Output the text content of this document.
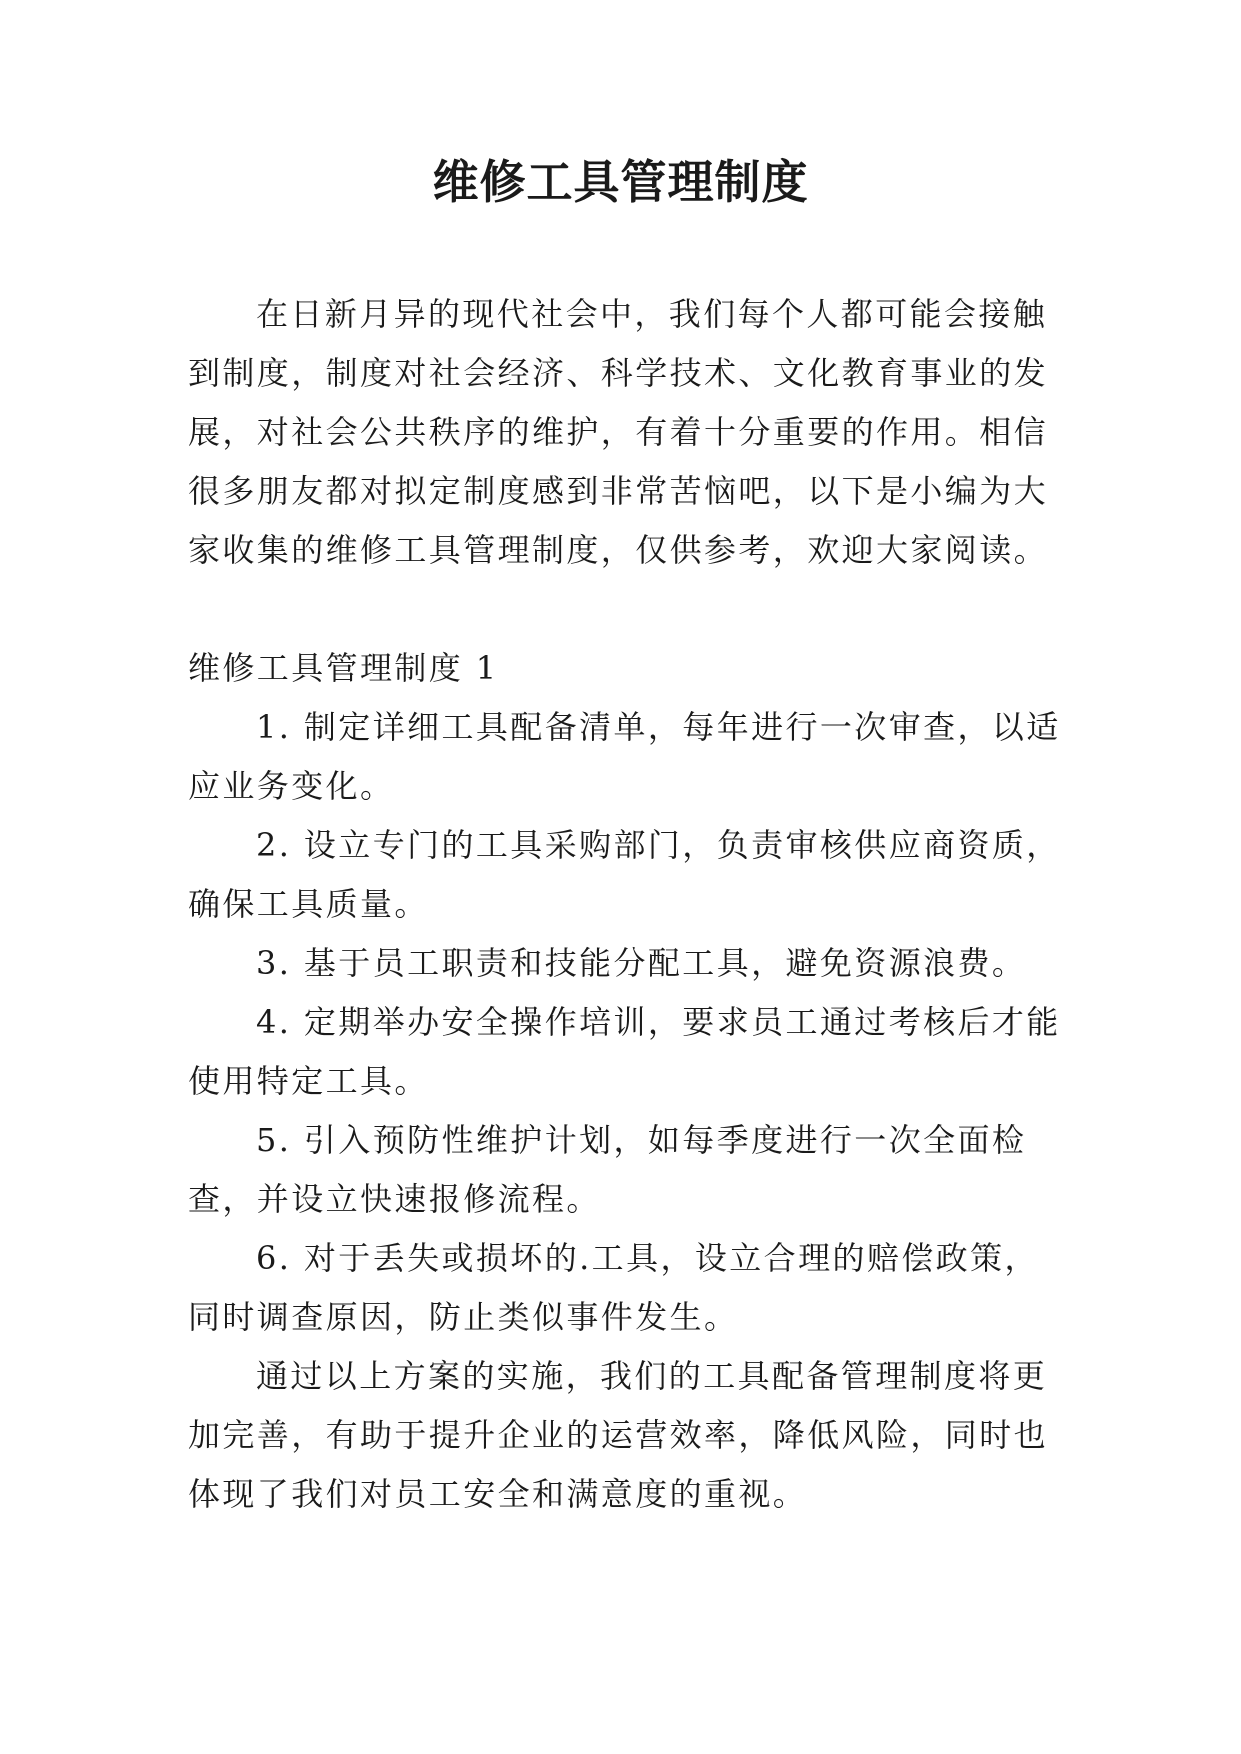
维修工具管理制度

在日新月异的现代社会中，我们每个人都可能会接触到制度，制度对社会经济、科学技术、文化教育事业的发展，对社会公共秩序的维护，有着十分重要的作用。相信很多朋友都对拟定制度感到非常苦恼吧，以下是小编为大家收集的维修工具管理制度，仅供参考，欢迎大家阅读。

维修工具管理制度 1

1. 制定详细工具配备清单，每年进行一次审查，以适应业务变化。

2. 设立专门的工具采购部门，负责审核供应商资质，确保工具质量。

3. 基于员工职责和技能分配工具，避免资源浪费。

4. 定期举办安全操作培训，要求员工通过考核后才能使用特定工具。

5. 引入预防性维护计划，如每季度进行一次全面检查，并设立快速报修流程。

6. 对于丢失或损坏的.工具，设立合理的赔偿政策，同时调查原因，防止类似事件发生。

通过以上方案的实施，我们的工具配备管理制度将更加完善，有助于提升企业的运营效率，降低风险，同时也体现了我们对员工安全和满意度的重视。
